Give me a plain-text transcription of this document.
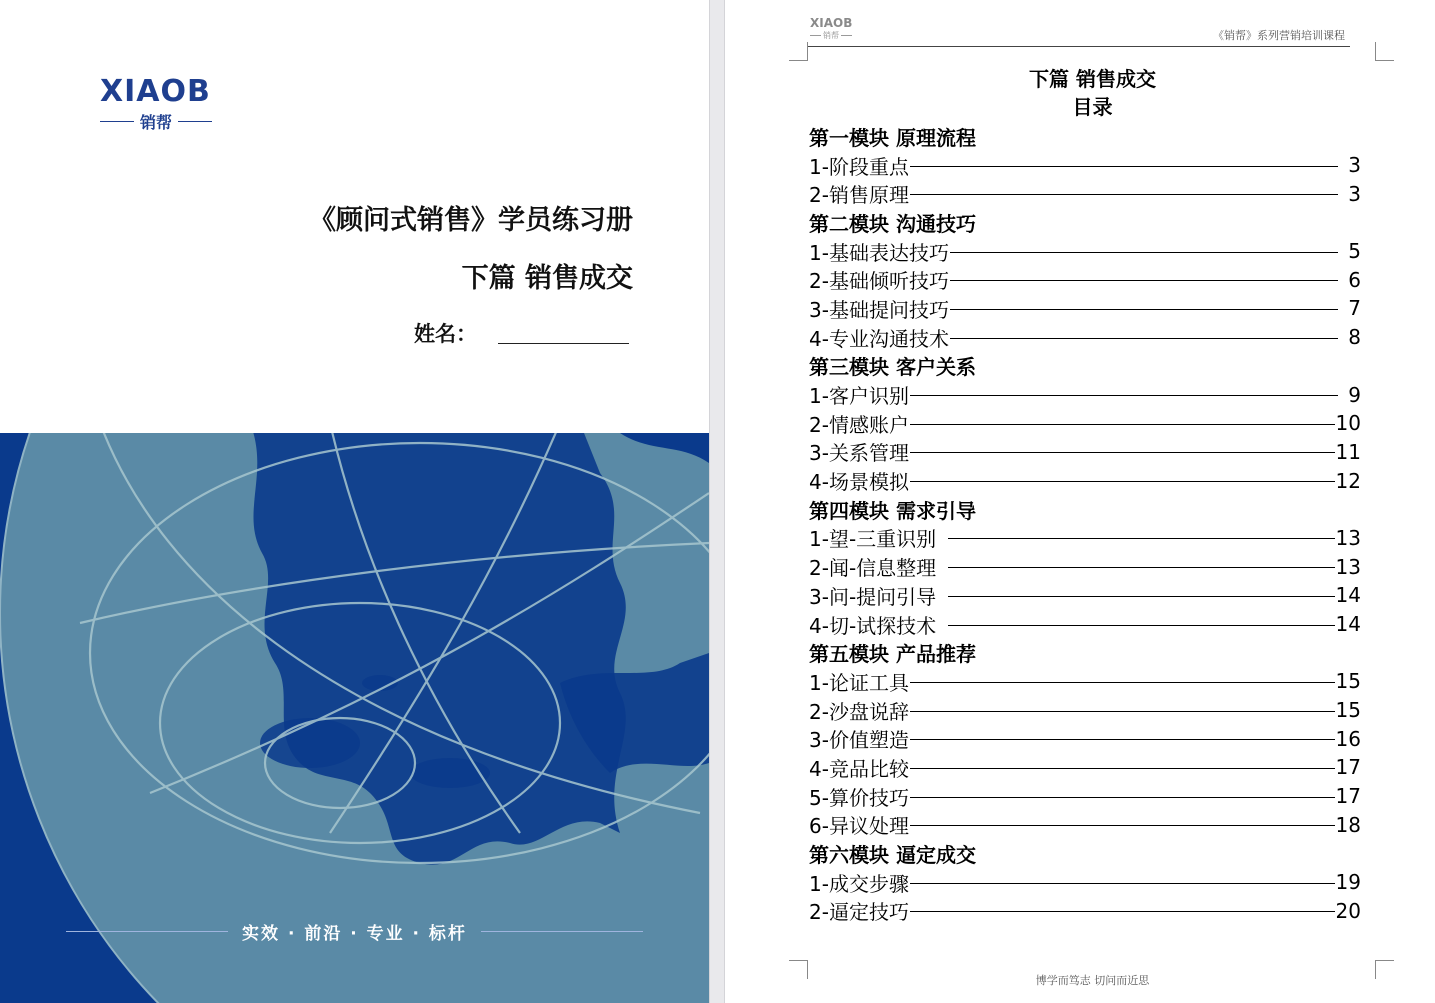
XIAOB
销帮
《顾问式销售》学员练习册
下篇 销售成交
姓名：
实效 · 前沿 · 专业 · 标杆
XIAOB
销帮	《销帮》系列营销培训课程
下篇 销售成交
目录
第一模块 原理流程
1-阶段重点	3
2-销售原理	3
第二模块 沟通技巧
1-基础表达技巧	5
2-基础倾听技巧	6
3-基础提问技巧	7
4-专业沟通技术	8
第三模块 客户关系
1-客户识别	9
2-情感账户	10
3-关系管理	11
4-场景模拟	12
第四模块 需求引导
1-望-三重识别	13
2-闻-信息整理	13
3-问-提问引导	14
4-切-试探技术	14
第五模块 产品推荐
1-论证工具	15
2-沙盘说辞	15
3-价值塑造	16
4-竞品比较	17
5-算价技巧	17
6-异议处理	18
第六模块 逼定成交
1-成交步骤	19
2-逼定技巧	20
博学而笃志 切问而近思
